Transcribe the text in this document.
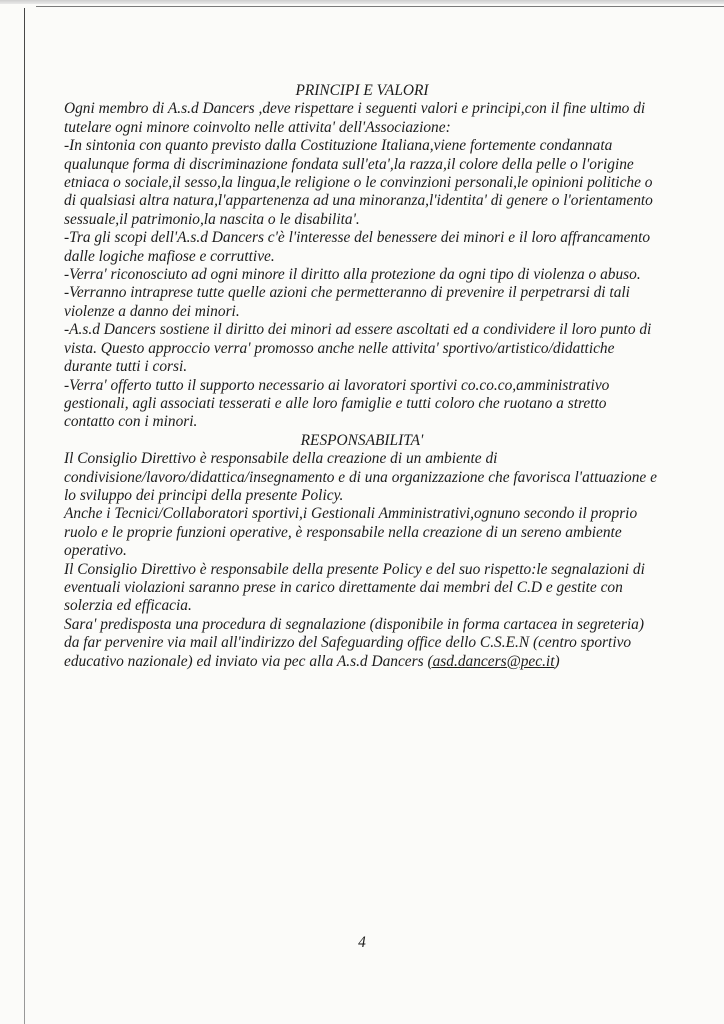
PRINCIPI E VALORI

Ogni membro di A.s.d Dancers ,deve rispettare i seguenti valori e principi,con il fine ultimo di tutelare ogni minore coinvolto nelle attivita' dell'Associazione:

-In sintonia con quanto previsto dalla Costituzione Italiana,viene fortemente condannata qualunque forma di discriminazione fondata sull'eta',la razza,il colore della pelle o l'origine etniaca o sociale,il sesso,la lingua,le religione o le convinzioni personali,le opinioni politiche o di qualsiasi altra natura,l'appartenenza ad una minoranza,l'identita' di genere o l'orientamento sessuale,il patrimonio,la nascita o le disabilita'.

-Tra gli scopi dell'A.s.d Dancers c'è l'interesse del benessere dei minori e il loro affrancamento dalle logiche mafiose e corruttive.

-Verra' riconosciuto ad ogni minore il diritto alla protezione da ogni tipo di violenza o abuso.

-Verranno intraprese tutte quelle azioni che permetteranno di prevenire il perpetrarsi di tali violenze a danno dei minori.

-A.s.d Dancers sostiene il diritto dei minori ad essere ascoltati ed a condividere il loro punto di vista. Questo approccio verra' promosso anche nelle attivita' sportivo/artistico/didattiche durante tutti i corsi.

-Verra' offerto tutto il supporto necessario ai lavoratori sportivi co.co.co,amministrativo gestionali, agli associati tesserati e alle loro famiglie e tutti coloro che ruotano a stretto contatto con i minori.

RESPONSABILITA'

Il Consiglio Direttivo è responsabile della creazione di un ambiente di condivisione/lavoro/didattica/insegnamento e di una organizzazione che favorisca l'attuazione e lo sviluppo dei principi della presente Policy.

Anche i Tecnici/Collaboratori sportivi,i Gestionali Amministrativi,ognuno secondo il proprio ruolo e le proprie funzioni operative, è responsabile nella creazione di un sereno ambiente operativo.

Il Consiglio Direttivo è responsabile della presente Policy e del suo rispetto:le segnalazioni di eventuali violazioni saranno prese in carico direttamente dai membri del C.D e gestite con solerzia ed efficacia.

Sara' predisposta una procedura di segnalazione (disponibile in forma cartacea in segreteria) da far pervenire via mail all'indirizzo del Safeguarding office dello C.S.E.N (centro sportivo educativo nazionale) ed inviato via pec alla A.s.d Dancers (asd.dancers@pec.it)

4
